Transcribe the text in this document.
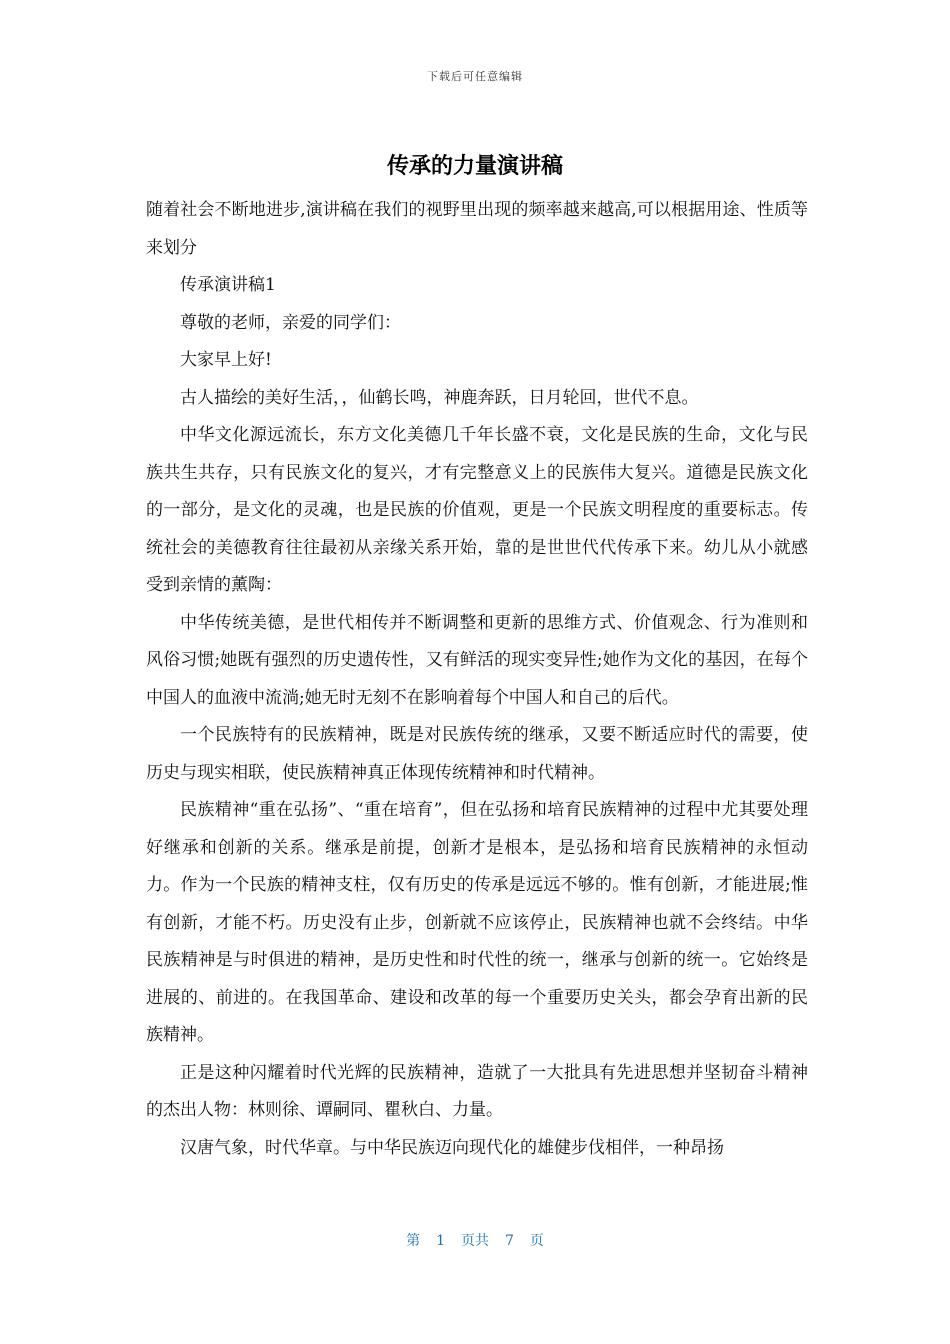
下载后可任意编辑
传承的力量演讲稿

随着社会不断地进步,演讲稿在我们的视野里出现的频率越来越高,可以根据用途、性质等来划分

传承演讲稿1

尊敬的老师，亲爱的同学们：

大家早上好!

古人描绘的美好生活，，仙鹤长鸣，神鹿奔跃，日月轮回，世代不息。

中华文化源远流长，东方文化美德几千年长盛不衰，文化是民族的生命，文化与民族共生共存，只有民族文化的复兴，才有完整意义上的民族伟大复兴。道德是民族文化的一部分，是文化的灵魂，也是民族的价值观，更是一个民族文明程度的重要标志。传统社会的美德教育往往最初从亲缘关系开始，靠的是世世代代传承下来。幼儿从小就感受到亲情的薰陶：

中华传统美德，是世代相传并不断调整和更新的思维方式、价值观念、行为准则和风俗习惯;她既有强烈的历史遗传性，又有鲜活的现实变异性;她作为文化的基因，在每个中国人的血液中流淌;她无时无刻不在影响着每个中国人和自己的后代。

一个民族特有的民族精神，既是对民族传统的继承，又要不断适应时代的需要，使历史与现实相联，使民族精神真正体现传统精神和时代精神。

民族精神“重在弘扬”、“重在培育”，但在弘扬和培育民族精神的过程中尤其要处理好继承和创新的关系。继承是前提，创新才是根本，是弘扬和培育民族精神的永恒动力。作为一个民族的精神支柱，仅有历史的传承是远远不够的。惟有创新，才能进展;惟有创新，才能不朽。历史没有止步，创新就不应该停止，民族精神也就不会终结。中华民族精神是与时俱进的精神，是历史性和时代性的统一，继承与创新的统一。它始终是进展的、前进的。在我国革命、建设和改革的每一个重要历史关头，都会孕育出新的民族精神。

正是这种闪耀着时代光辉的民族精神，造就了一大批具有先进思想并坚韧奋斗精神的杰出人物：林则徐、谭嗣同、瞿秋白、力量。

汉唐气象，时代华章。与中华民族迈向现代化的雄健步伐相伴，一种昂扬

第 1 页共 7 页
